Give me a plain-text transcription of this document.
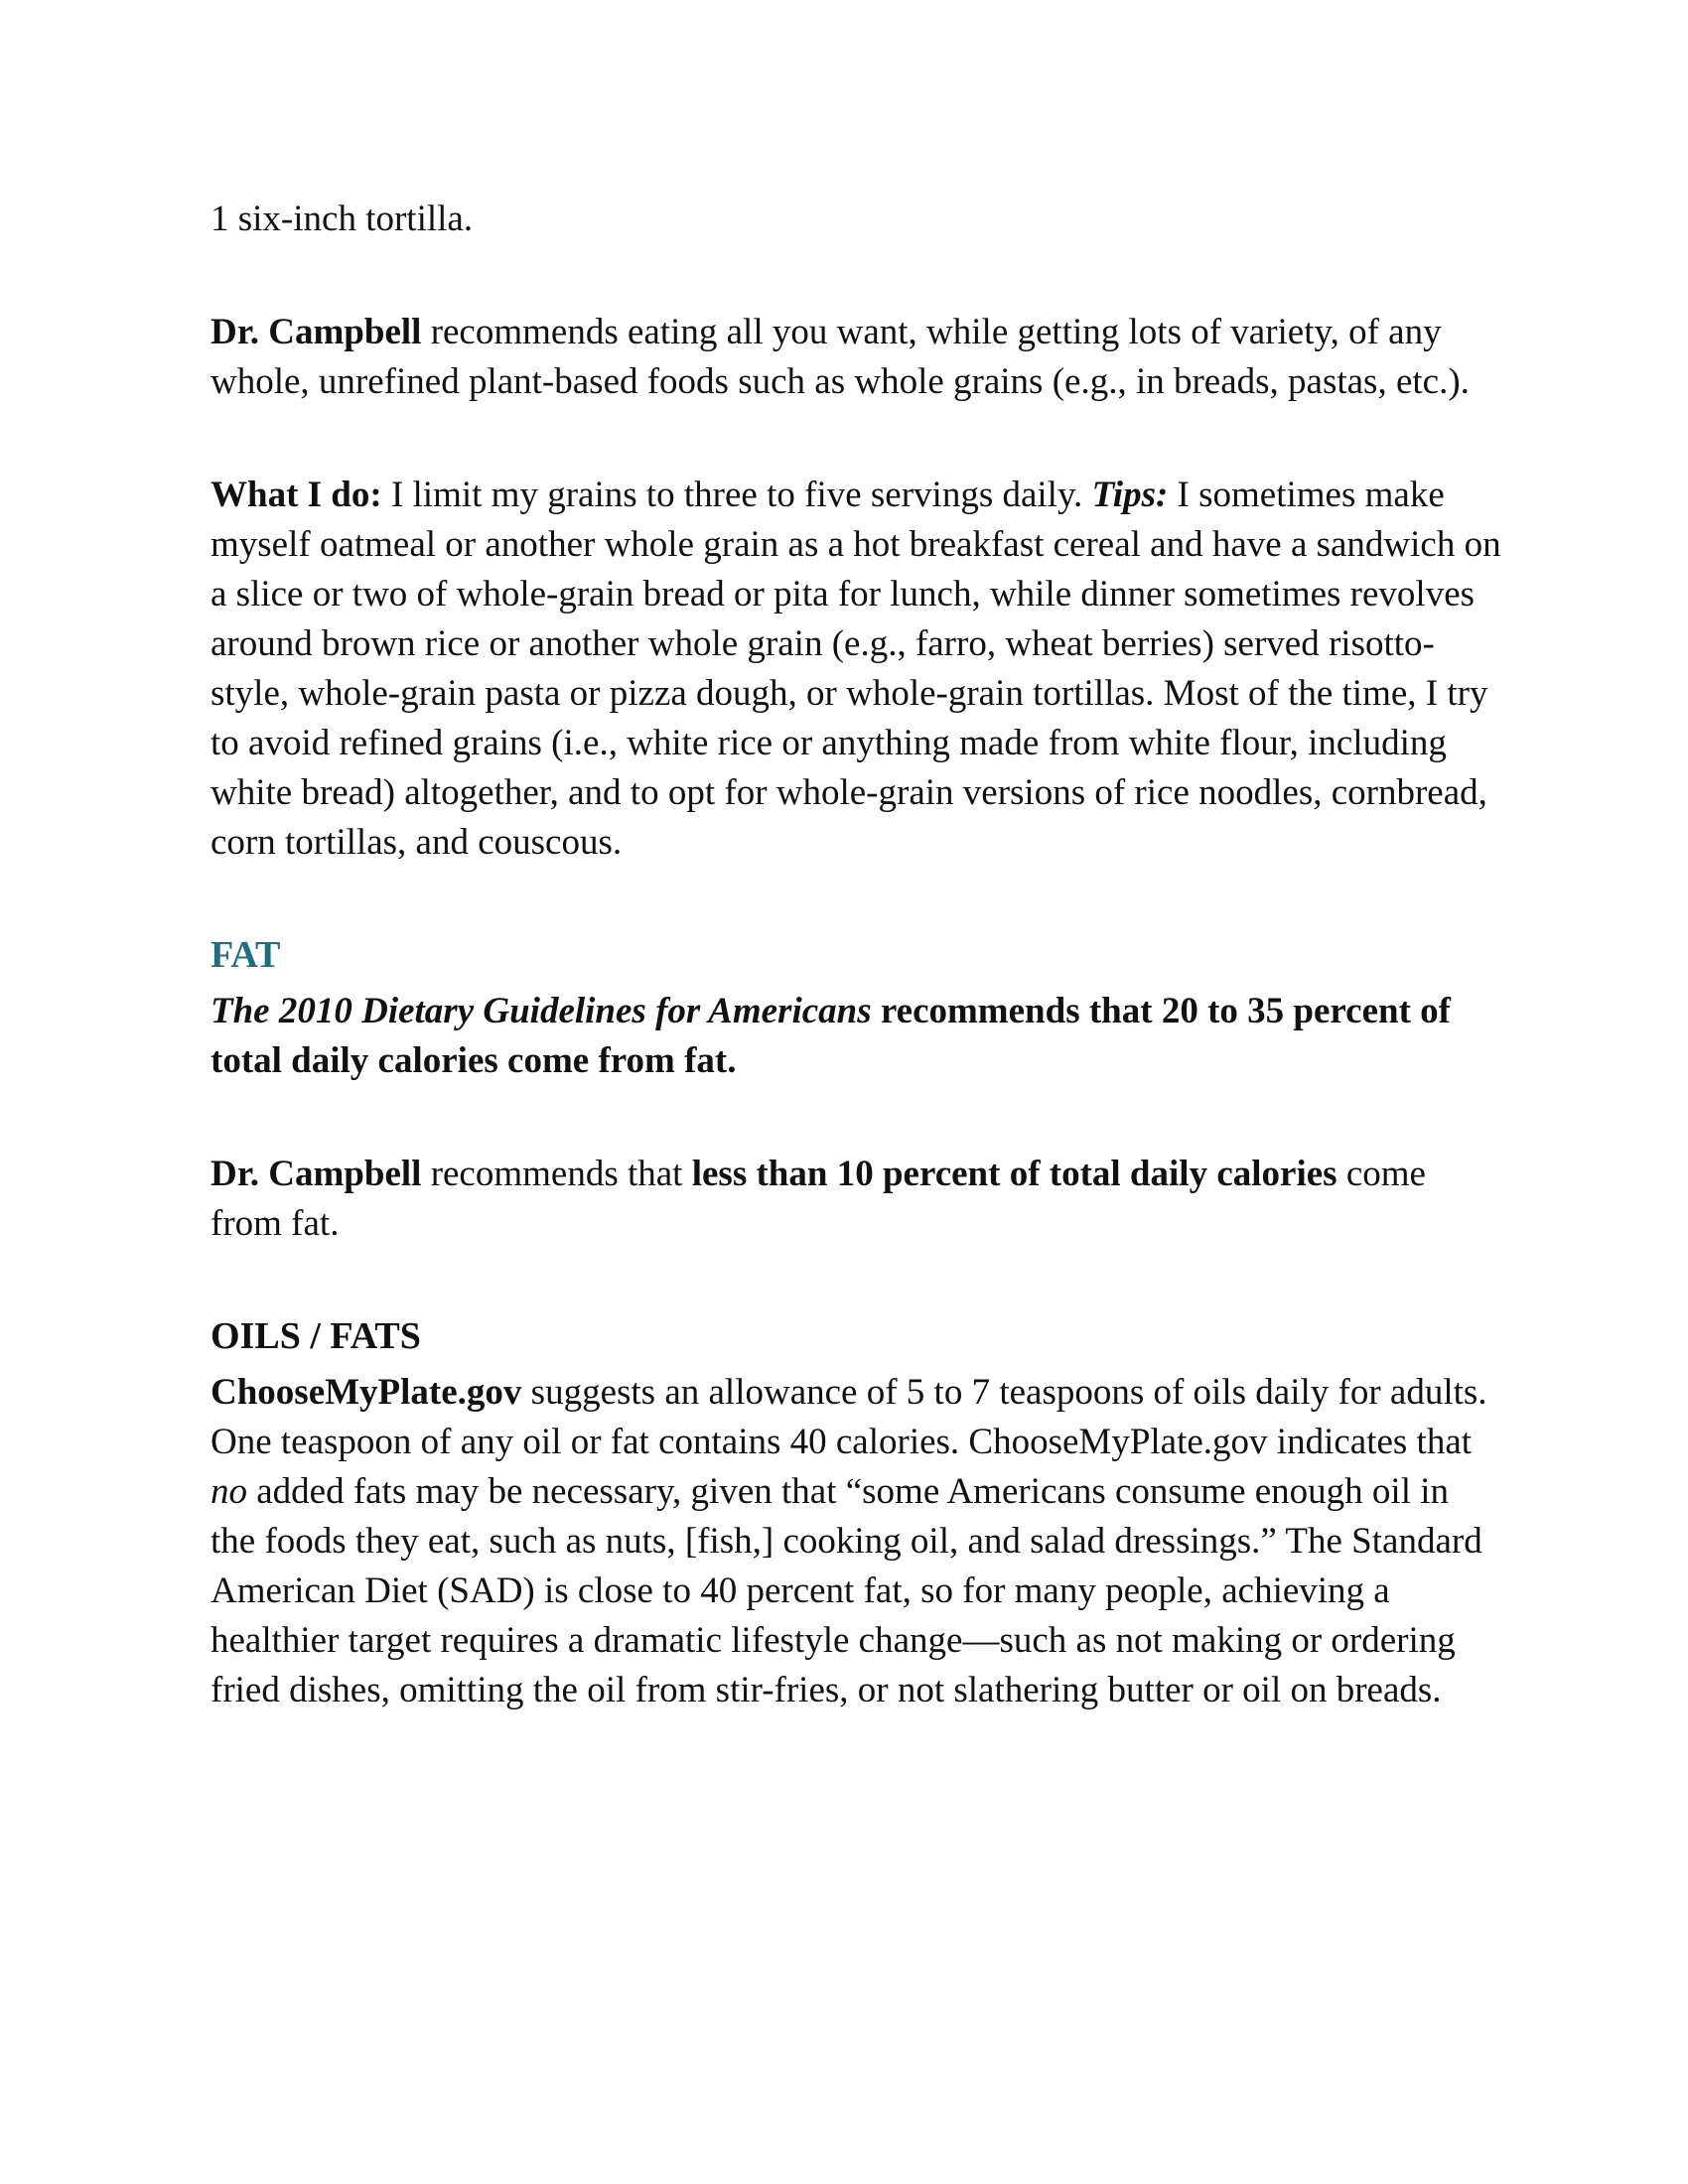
1 six-inch tortilla.

Dr. Campbell recommends eating all you want, while getting lots of variety, of any whole, unrefined plant-based foods such as whole grains (e.g., in breads, pastas, etc.).

What I do: I limit my grains to three to five servings daily. Tips: I sometimes make myself oatmeal or another whole grain as a hot breakfast cereal and have a sandwich on a slice or two of whole-grain bread or pita for lunch, while dinner sometimes revolves around brown rice or another whole grain (e.g., farro, wheat berries) served risotto-style, whole-grain pasta or pizza dough, or whole-grain tortillas. Most of the time, I try to avoid refined grains (i.e., white rice or anything made from white flour, including white bread) altogether, and to opt for whole-grain versions of rice noodles, cornbread, corn tortillas, and couscous.

FAT

The 2010 Dietary Guidelines for Americans recommends that 20 to 35 percent of total daily calories come from fat.

Dr. Campbell recommends that less than 10 percent of total daily calories come from fat.

OILS / FATS

ChooseMyPlate.gov suggests an allowance of 5 to 7 teaspoons of oils daily for adults. One teaspoon of any oil or fat contains 40 calories. ChooseMyPlate.gov indicates that no added fats may be necessary, given that “some Americans consume enough oil in the foods they eat, such as nuts, [fish,] cooking oil, and salad dressings.” The Standard American Diet (SAD) is close to 40 percent fat, so for many people, achieving a healthier target requires a dramatic lifestyle change—such as not making or ordering fried dishes, omitting the oil from stir-fries, or not slathering butter or oil on breads.
